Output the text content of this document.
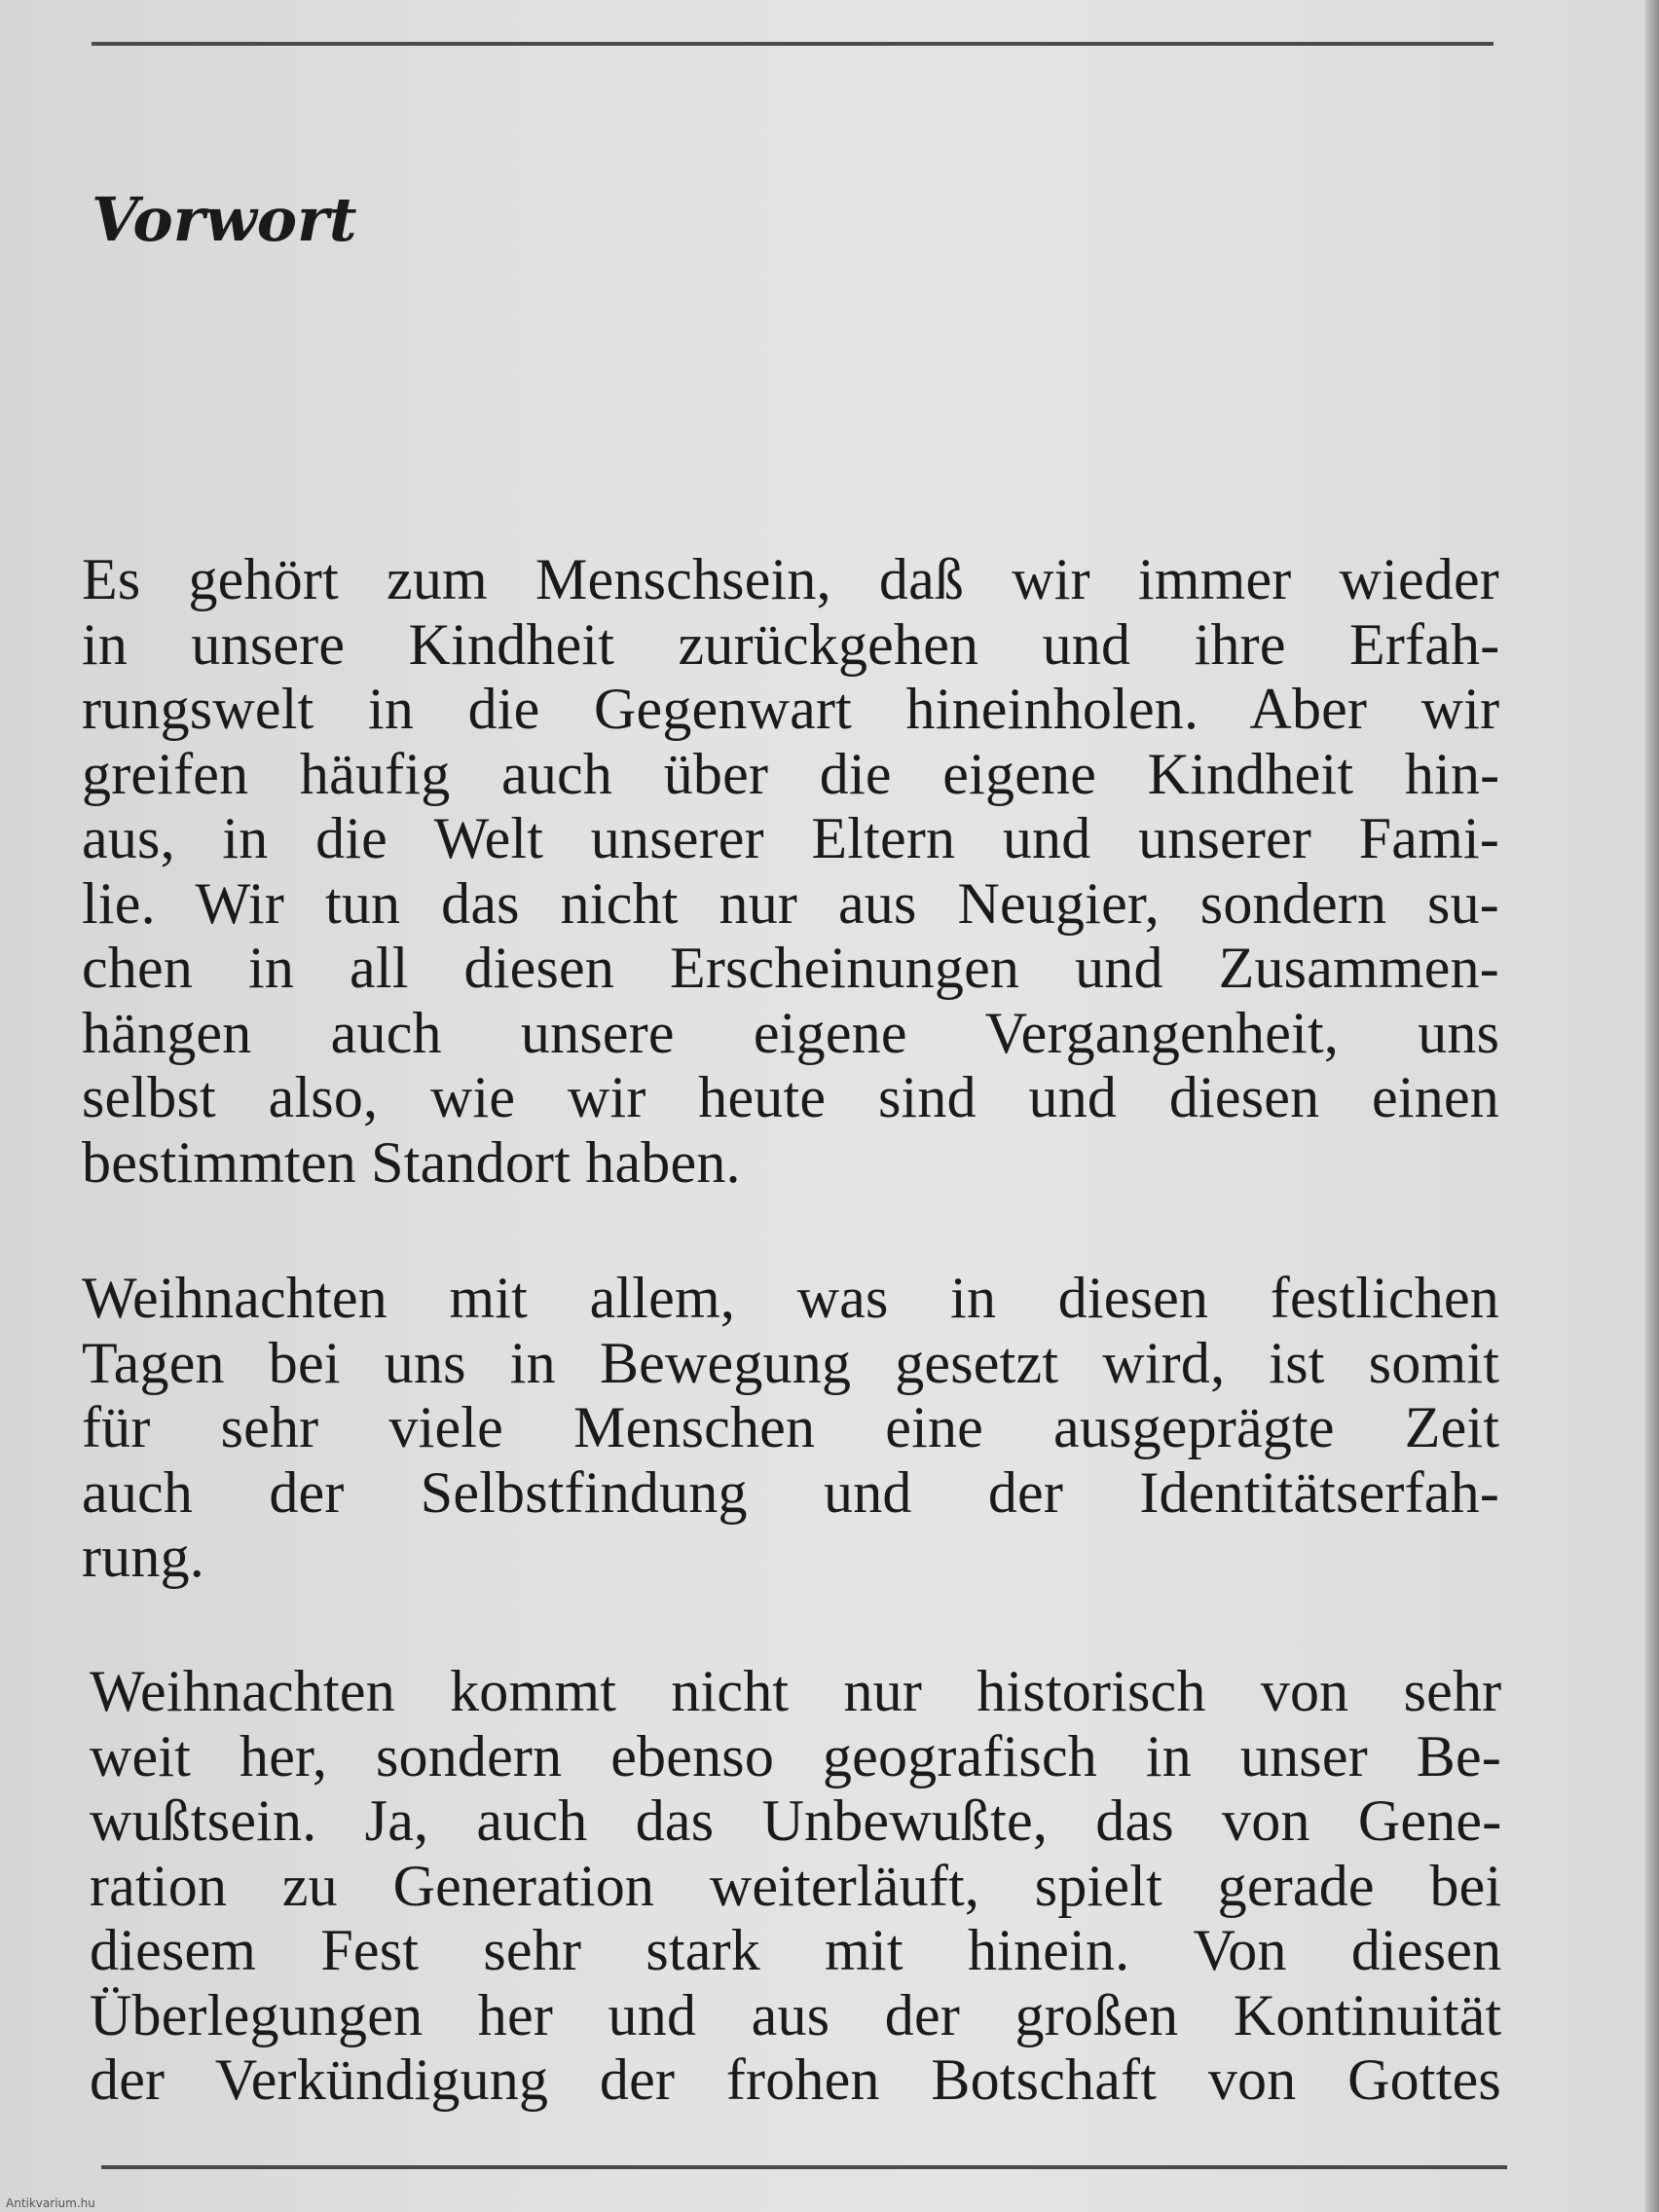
Vorwort
Es gehört zum Menschsein, daß wir immer wieder
in unsere Kindheit zurückgehen und ihre Erfah-
rungswelt in die Gegenwart hineinholen. Aber wir
greifen häufig auch über die eigene Kindheit hin-
aus, in die Welt unserer Eltern und unserer Fami-
lie. Wir tun das nicht nur aus Neugier, sondern su-
chen in all diesen Erscheinungen und Zusammen-
hängen auch unsere eigene Vergangenheit, uns
selbst also, wie wir heute sind und diesen einen
bestimmten Standort haben.
Weihnachten mit allem, was in diesen festlichen
Tagen bei uns in Bewegung gesetzt wird, ist somit
für sehr viele Menschen eine ausgeprägte Zeit
auch der Selbstfindung und der Identitätserfah-
rung.
Weihnachten kommt nicht nur historisch von sehr
weit her, sondern ebenso geografisch in unser Be-
wußtsein. Ja, auch das Unbewußte, das von Gene-
ration zu Generation weiterläuft, spielt gerade bei
diesem Fest sehr stark mit hinein. Von diesen
Überlegungen her und aus der großen Kontinuität
der Verkündigung der frohen Botschaft von Gottes
Antikvarium.hu
